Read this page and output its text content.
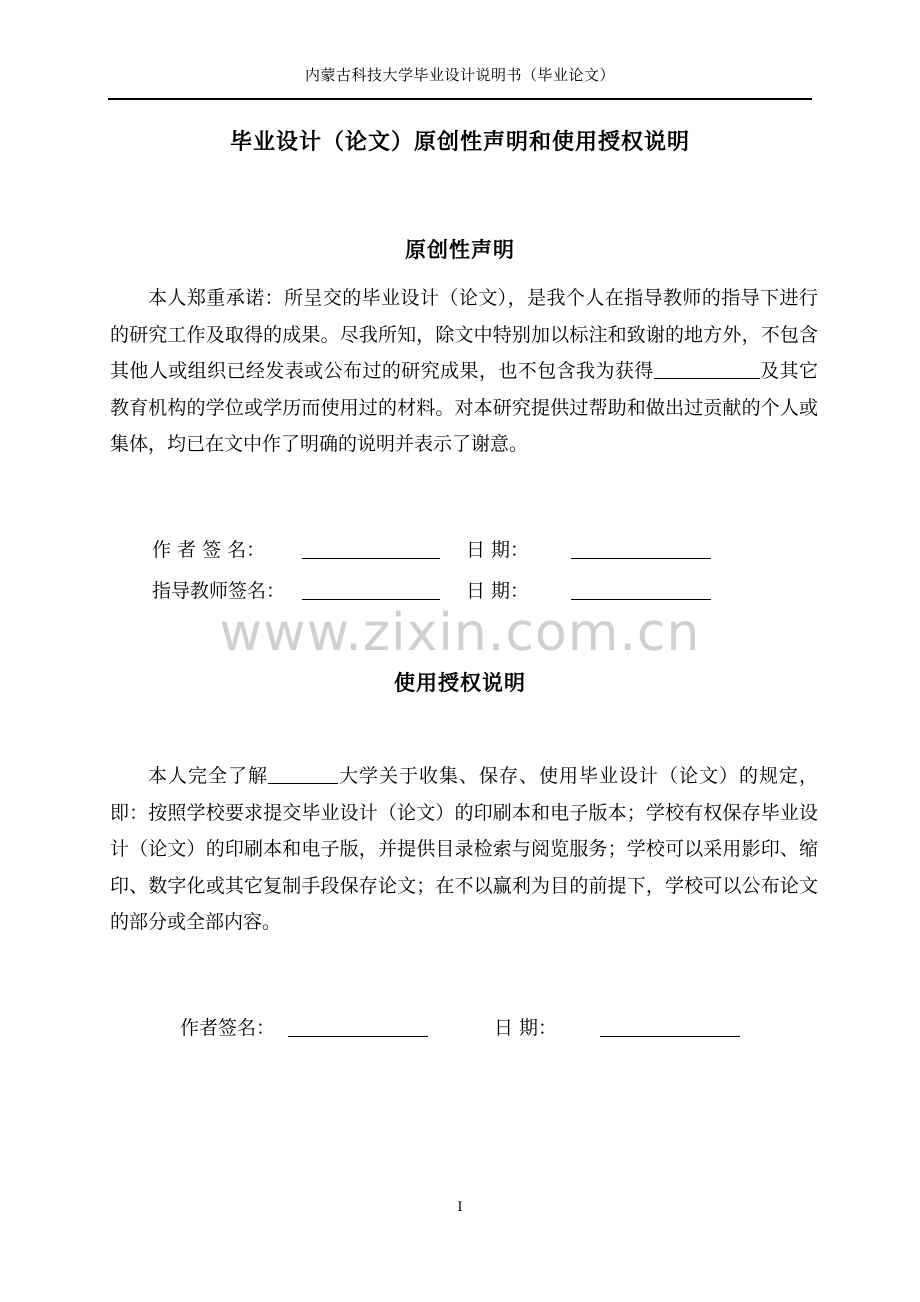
内蒙古科技大学毕业设计说明书（毕业论文）
毕业设计（论文）原创性声明和使用授权说明
原创性声明

本人郑重承诺：所呈交的毕业设计（论文），是我个人在指导教师的指导下进行的研究工作及取得的成果。尽我所知，除文中特别加以标注和致谢的地方外，不包含其他人或组织已经发表或公布过的研究成果，也不包含我为获得	及其它教育机构的学位或学历而使用过的材料。对本研究提供过帮助和做出过贡献的个人或集体，均已在文中作了明确的说明并表示了谢意。

作 者 签 名：	日 期：
指导教师签名：	日 期：
www.zixin.com.cn
使用授权说明

本人完全了解	大学关于收集、保存、使用毕业设计（论文）的规定，即：按照学校要求提交毕业设计（论文）的印刷本和电子版本；学校有权保存毕业设计（论文）的印刷本和电子版，并提供目录检索与阅览服务；学校可以采用影印、缩印、数字化或其它复制手段保存论文；在不以赢利为目的前提下，学校可以公布论文的部分或全部内容。

作者签名：	日 期：
I
